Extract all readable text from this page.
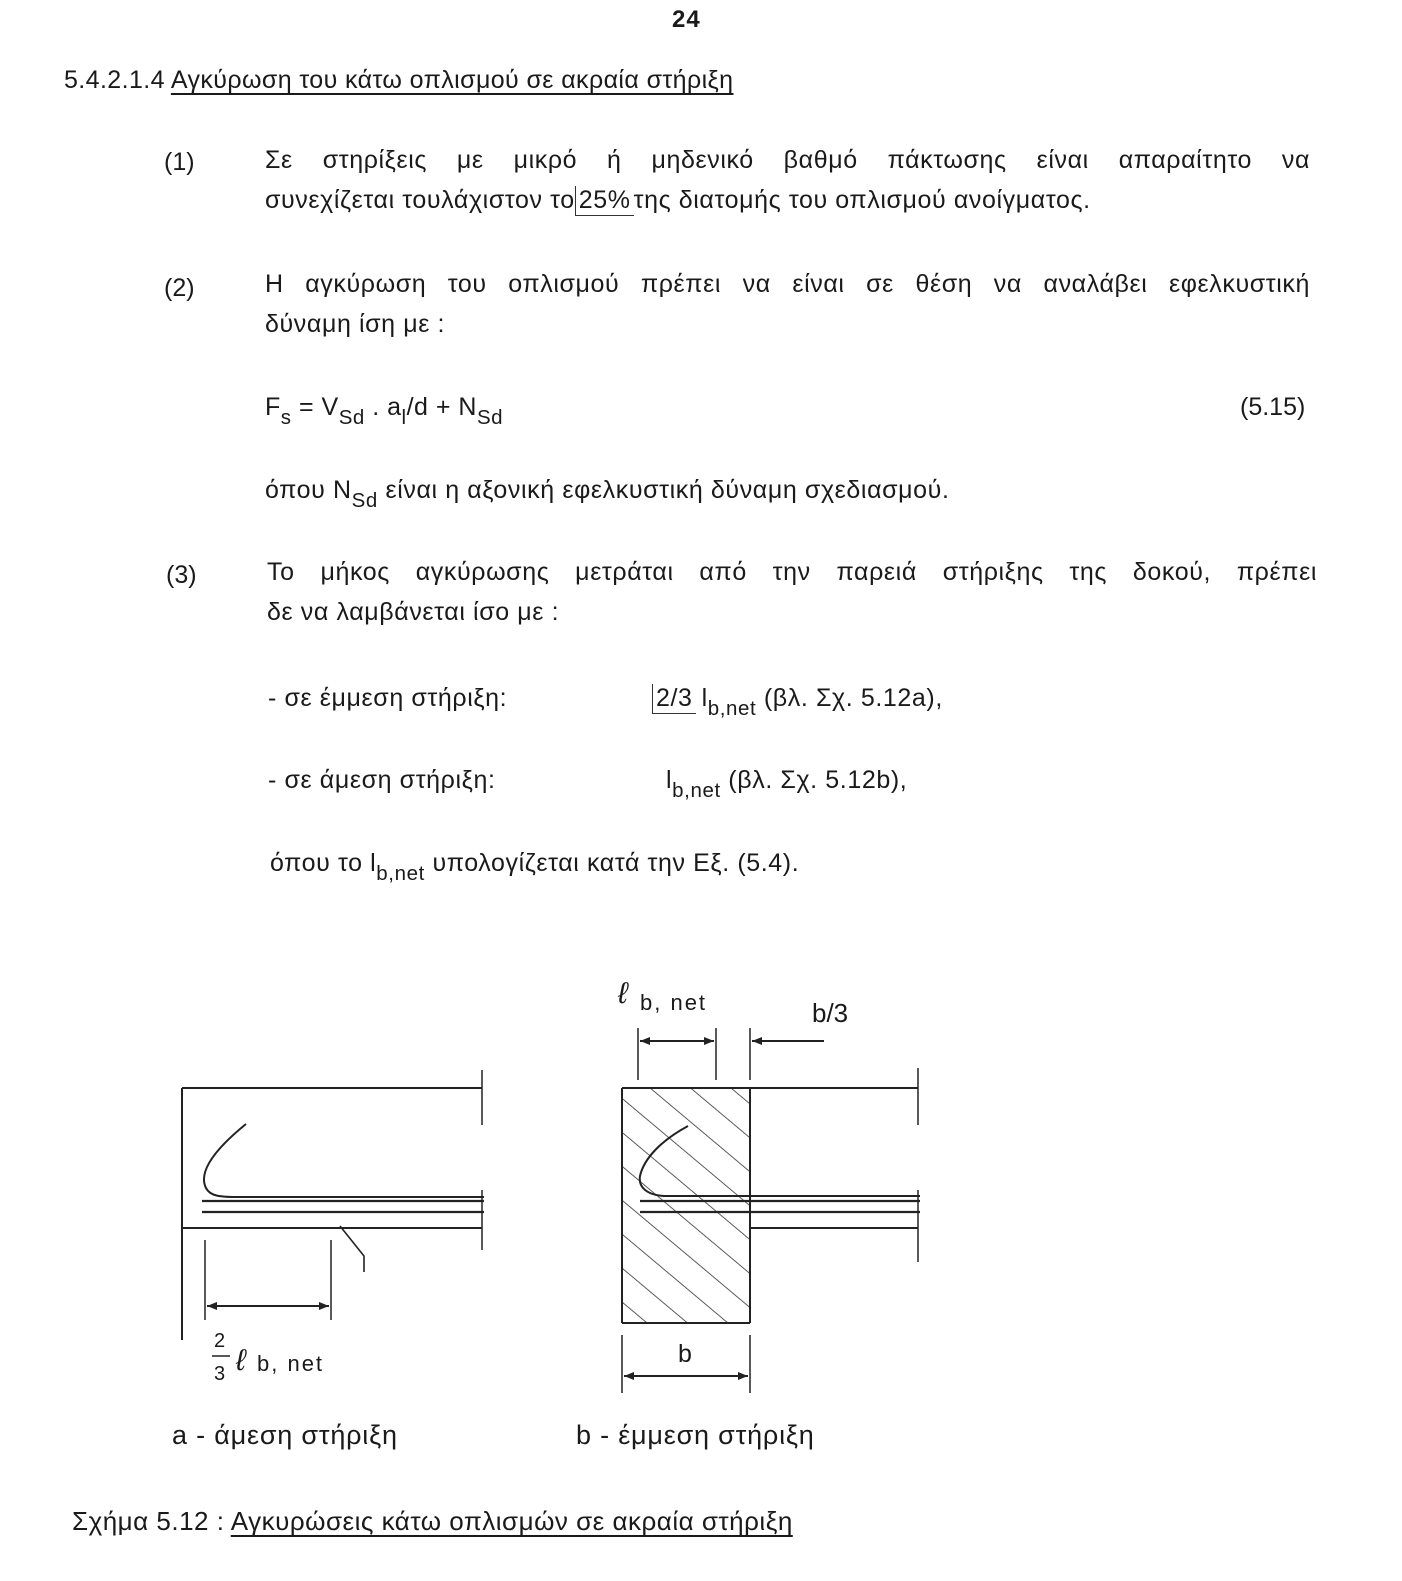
24
5.4.2.1.4 Αγκύρωση του κάτω οπλισμού σε ακραία στήριξη
(1)	Σε στηρίξεις με μικρό ή μηδενικό βαθμό πάκτωσης είναι απαραίτητο να
συνεχίζεται τουλάχιστον το 25% της διατομής του οπλισμού ανοίγματος.
(2)	Η αγκύρωση του οπλισμού πρέπει να είναι σε θέση να αναλάβει εφελκυστική
δύναμη ίση με :
$F_s = V_{Sd}$ . $a_l/d + N_{Sd}$	(5.15)
όπου $N_{Sd}$ είναι η αξονική εφελκυστική δύναμη σχεδιασμού.
(3)	Το μήκος αγκύρωσης μετράται από την παρειά στήριξης της δοκού, πρέπει
δε να λαμβάνεται ίσο με :
- σε έμμεση στήριξη:	2/3 $l_{b,net}$ (βλ. Σχ. 5.12a),
- σε άμεση στήριξη:	$l_{b,net}$ (βλ. Σχ. 5.12b),
όπου το $l_{b,net}$ υπολογίζεται κατά την Εξ. (5.4).
2
3 ℓ b, net
ℓ b, net	b/3
b
a - άμεση στήριξη	b - έμμεση στήριξη
Σχήμα 5.12 : Αγκυρώσεις κάτω οπλισμών σε ακραία στήριξη
